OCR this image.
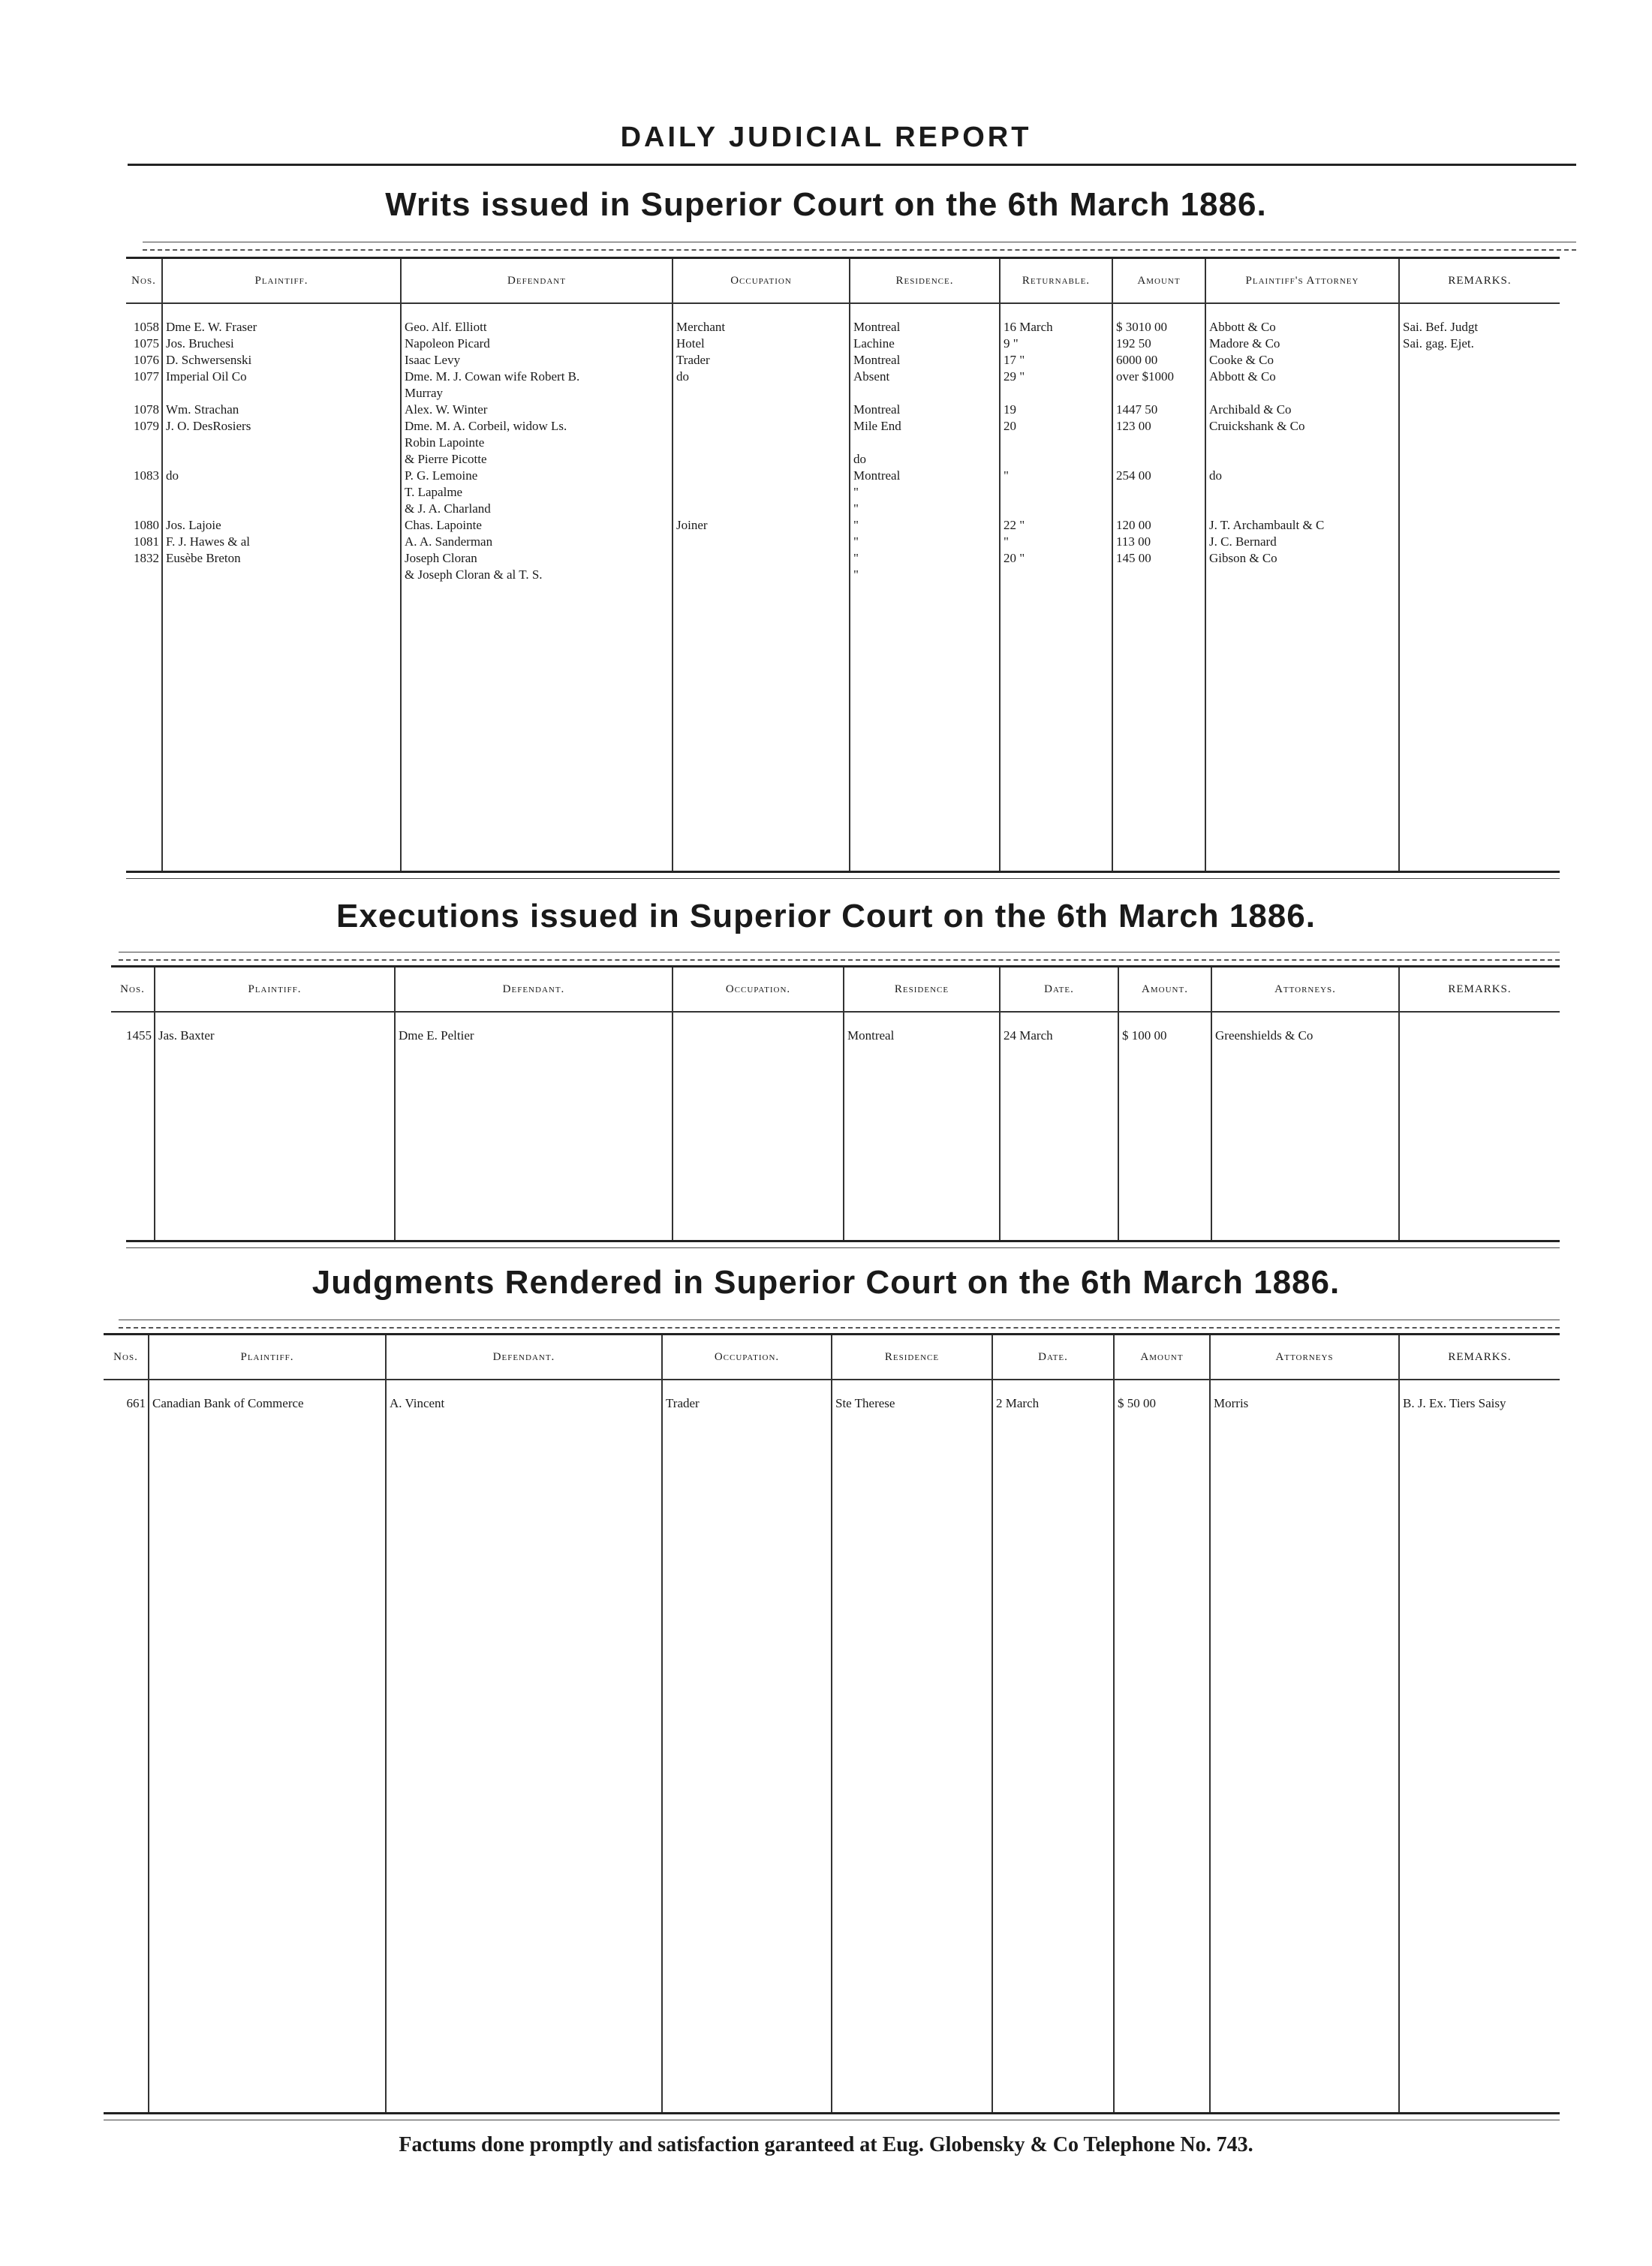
DAILY JUDICIAL REPORT
Writs issued in Superior Court on the 6th March 1886.
Nos.	Plaintiff.	Defendant	Occupation	Residence.	Returnable.	Amount	Plaintiff's Attorney	REMARKS.
1058	Dme E. W. Fraser	Geo. Alf. Elliott	Merchant	Montreal	16 March	$ 3010 00	Abbott & Co	Sai. Bef. Judgt
1075	Jos. Bruchesi	Napoleon Picard	Hotel	Lachine	9 "	192 50	Madore & Co	Sai. gag. Ejet.
1076	D. Schwersenski	Isaac Levy	Trader	Montreal	17 "	6000 00	Cooke & Co	
1077	Imperial Oil Co	Dme. M. J. Cowan wife Robert B.	do	Absent	29 "	over $1000	Abbott & Co	
		Murray						
1078	Wm. Strachan	Alex. W. Winter		Montreal	19	1447 50	Archibald & Co	
1079	J. O. DesRosiers	Dme. M. A. Corbeil, widow Ls.		Mile End	20	123 00	Cruickshank & Co	
		Robin Lapointe						
		& Pierre Picotte		do				
1083	do	P. G. Lemoine		Montreal	"	254 00	do	
		T. Lapalme		"				
		& J. A. Charland		"				
1080	Jos. Lajoie	Chas. Lapointe	Joiner	"	22 "	120 00	J. T. Archambault & C	
1081	F. J. Hawes & al	A. A. Sanderman		"	"	113 00	J. C. Bernard	
1832	Eusèbe Breton	Joseph Cloran		"	20 "	145 00	Gibson & Co	
		& Joseph Cloran & al T. S.		"				

Executions issued in Superior Court on the 6th March 1886.
Nos.	Plaintiff.	Defendant.	Occupation.	Residence	Date.	Amount.	Attorneys.	REMARKS.
1455	Jas. Baxter	Dme E. Peltier		Montreal	24 March	$ 100 00	Greenshields & Co	

Judgments Rendered in Superior Court on the 6th March 1886.
Nos.	Plaintiff.	Defendant.	Occupation.	Residence	Date.	Amount	Attorneys	REMARKS.
661	Canadian Bank of Commerce	A. Vincent	Trader	Ste Therese	2 March	$ 50 00	Morris	B. J. Ex. Tiers Saisy

Factums done promptly and satisfaction garanteed at Eug. Globensky & Co Telephone No. 743.
